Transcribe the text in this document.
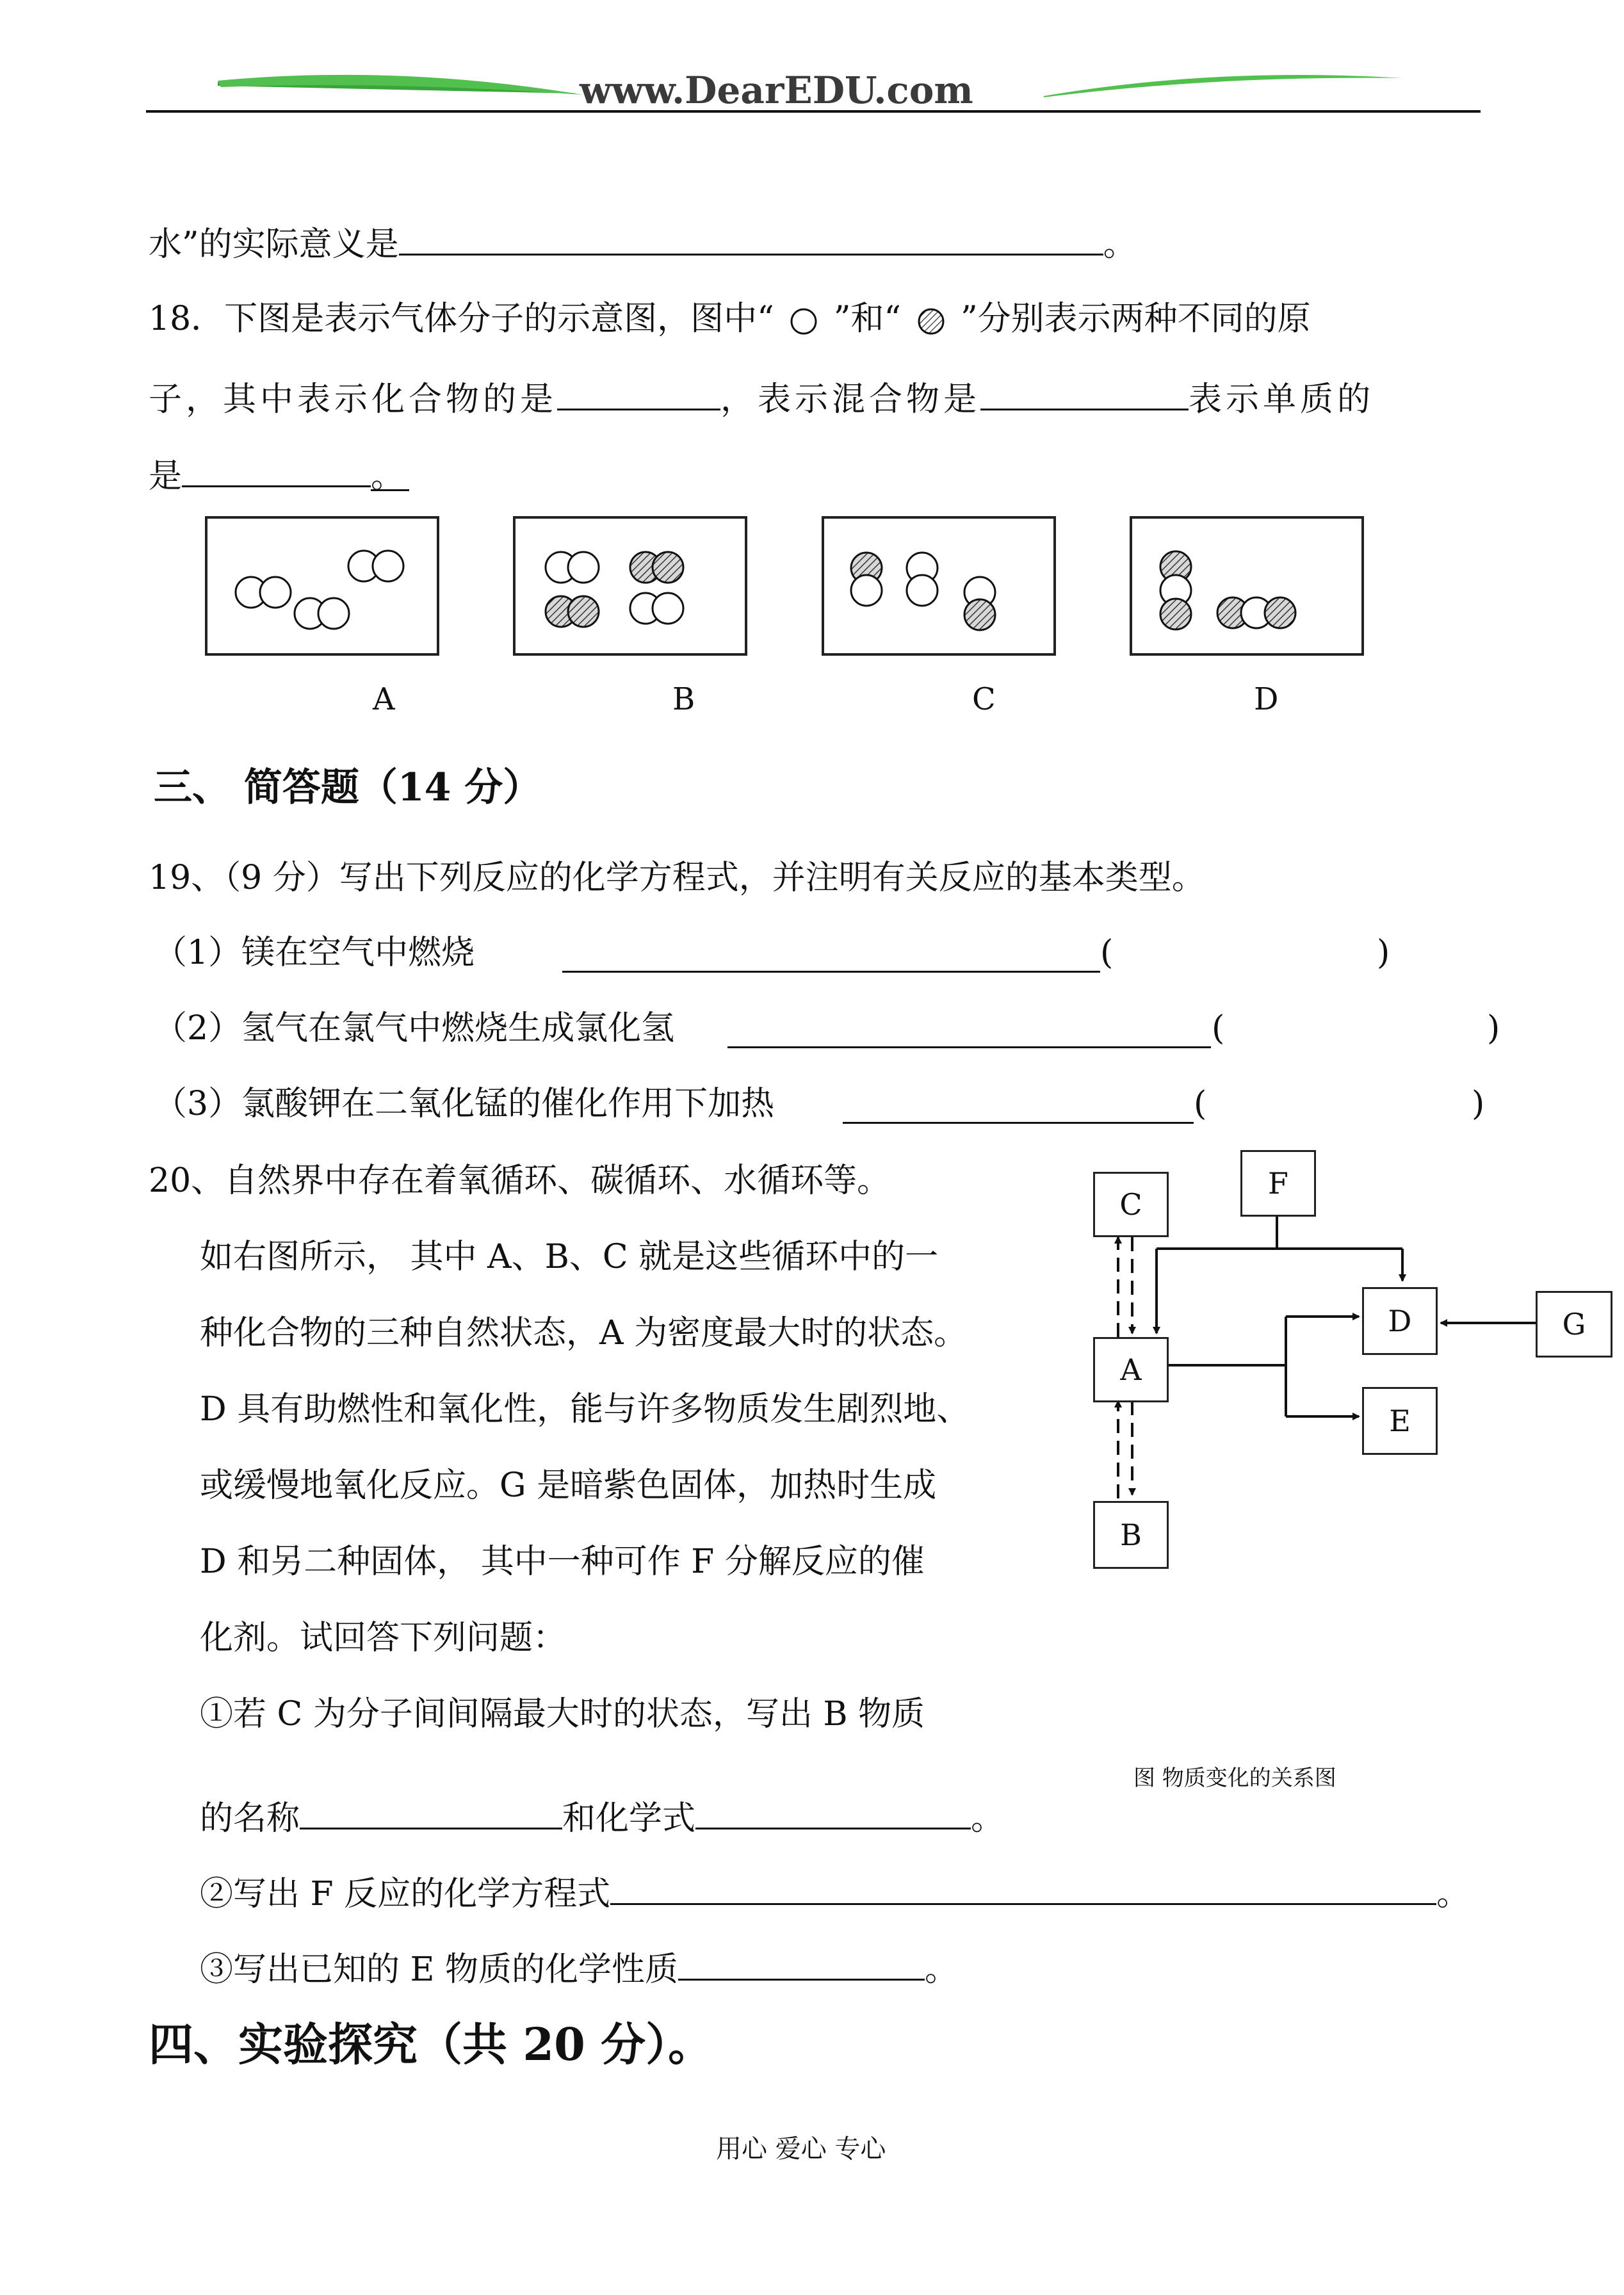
www.DearEDU.com
水”的实际意义是	。
18．下图是表示气体分子的示意图，图中“ ”和“ ”分别表示两种不同的原
子，其中表示化合物的是	，表示混合物是	表示单质的
是	。
A	B	C	D
三、 简答题（14 分）
19、（9 分）写出下列反应的化学方程式，并注明有关反应的基本类型。
（1）镁在空气中燃烧	(	)
（2）氢气在氯气中燃烧生成氯化氢	(	)
（3）氯酸钾在二氧化锰的催化作用下加热	(	)
20、自然界中存在着氧循环、碳循环、水循环等。
如右图所示， 其中 A、B、C 就是这些循环中的一
种化合物的三种自然状态，A 为密度最大时的状态。
D 具有助燃性和氧化性，能与许多物质发生剧烈地、
或缓慢地氧化反应。G 是暗紫色固体，加热时生成
D 和另二种固体， 其中一种可作 F 分解反应的催
化剂。试回答下列问题：
①若 C 为分子间间隔最大时的状态，写出 B 物质
C
F
D	G
A
E
B
图 物质变化的关系图
的名称	和化学式	。
②写出 F 反应的化学方程式	。
③写出已知的 E 物质的化学性质	。
四、实验探究（共 20 分）。
用心 爱心 专心
